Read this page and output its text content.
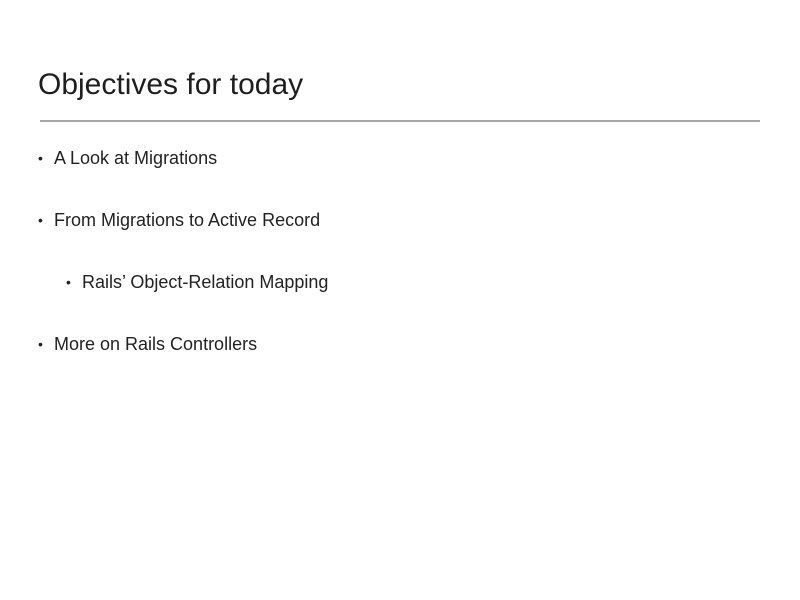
Objectives for today
• A Look at Migrations
• From Migrations to Active Record
• Rails’ Object-Relation Mapping
• More on Rails Controllers
